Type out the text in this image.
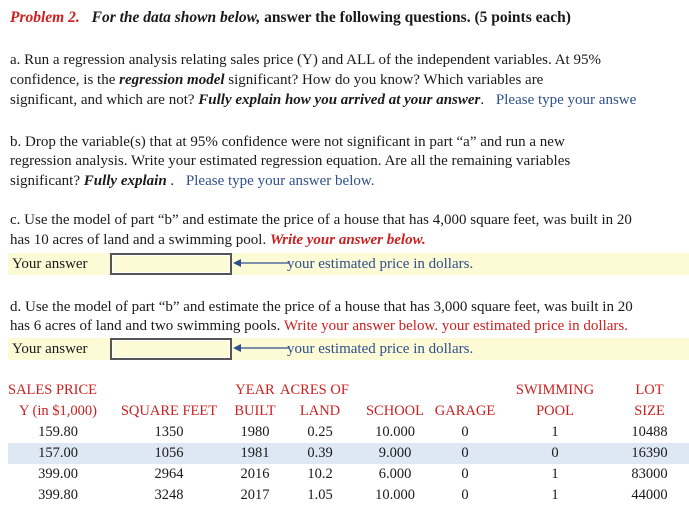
Problem 2. For the data shown below, answer the following questions. (5 points each)
a. Run a regression analysis relating sales price (Y) and ALL of the independent variables. At 95%
confidence, is the regression model significant? How do you know? Which variables are
significant, and which are not? Fully explain how you arrived at your answer. Please type your answe
b. Drop the variable(s) that at 95% confidence were not significant in part “a” and run a new
regression analysis. Write your estimated regression equation. Are all the remaining variables
significant? Fully explain . Please type your answer below.
c. Use the model of part “b” and estimate the price of a house that has 4,000 square feet, was built in 20
has 10 acres of land and a swimming pool. Write your answer below.
Your answer	your estimated price in dollars.
d. Use the model of part “b” and estimate the price of a house that has 3,000 square feet, was built in 20
has 6 acres of land and two swimming pools. Write your answer below. your estimated price in dollars.
Your answer	your estimated price in dollars.
SALES PRICE		YEAR	ACRES OF			SWIMMING	LOT
Y (in $1,000)	SQUARE FEET	BUILT	LAND	SCHOOL	GARAGE	POOL	SIZE
159.80	1350	1980	0.25	10.000	0	1	10488
157.00	1056	1981	0.39	9.000	0	0	16390
399.00	2964	2016	10.2	6.000	0	1	83000
399.80	3248	2017	1.05	10.000	0	1	44000
